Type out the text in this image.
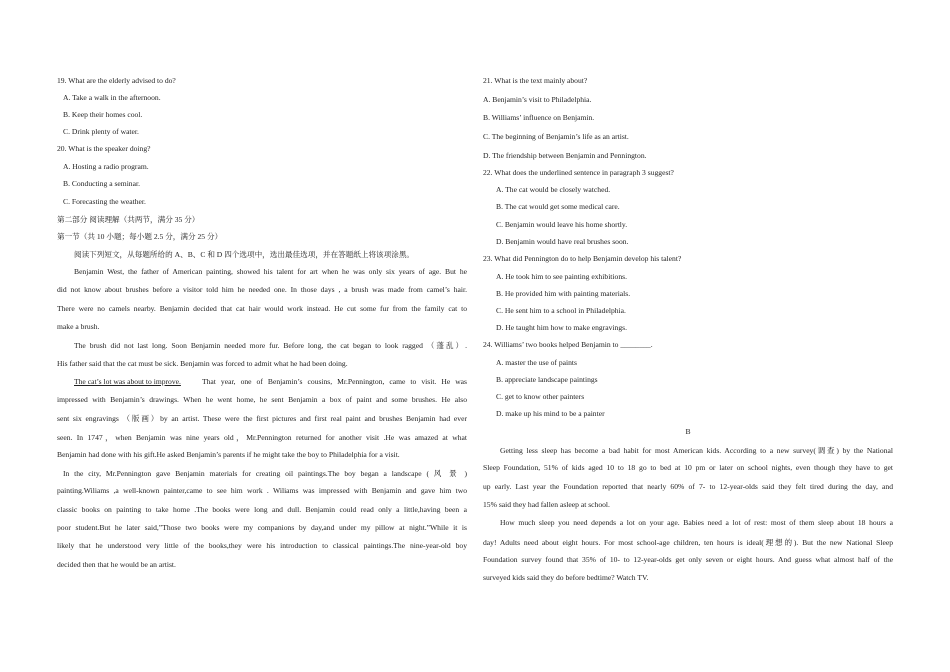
19. What are the elderly advised to do?
A. Take a walk in the afternoon.
B. Keep their homes cool.
C. Drink plenty of water.
20. What is the speaker doing?
A. Hosting a radio program.
B. Conducting a seminar.
C. Forecasting the weather.
第二部分 阅读理解（共两节，满分 35 分）
第一节（共 10 小题；每小题 2.5 分，满分 25 分）
阅读下列短文，从每题所给的 A、B、C 和 D 四个选项中，选出最佳选项，并在答题纸上将该项涂黑。
Benjamin West, the father of American painting, showed his talent for art when he was only six years of age. But he
did not know about brushes before a visitor told him he needed one. In those days , a brush was made from camel’s hair.
There were no camels nearby. Benjamin decided that cat hair would work instead. He cut some fur from the family cat to
make a brush.
The brush did not last long. Soon Benjamin needed more fur. Before long, the cat began to look ragged （蓬乱）.
His father said that the cat must be sick. Benjamin was forced to admit what he had been doing.
The cat’s lot was about to improve.	That year, one of Benjamin’s cousins, Mr.Pennington, came to visit. He was
impressed with Benjamin’s drawings. When he went home, he sent Benjamin a box of paint and some brushes. He also
sent six engravings （版画）by an artist. These were the first pictures and first real paint and brushes Benjamin had ever
seen. In 1747，when Benjamin was nine years old，Mr.Pennington returned for another visit .He was amazed at what
Benjamin had done with his gift.He asked Benjamin’s parents if he might take the boy to Philadelphia for a visit.
In the city, Mr.Pennington gave Benjamin materials for creating oil paintings.The boy began a landscape ( 风 景 )
painting.Wiliams ,a well-known painter,came to see him work . Wiliams was impressed with Benjamin and gave him two
classic books on painting to take home .The books were long and dull. Benjamin could read only a little,having been a
poor student.But he later said,”Those two books were my companions by day,and under my pillow at night.”While it is
likely that he understood very little of the books,they were his introduction to classical paintings.The nine-year-old boy
decided then that he would be an artist.
21. What is the text mainly about?
A. Benjamin’s visit to Philadelphia.
B. Williams’ influence on Benjamin.
C. The beginning of Benjamin’s life as an artist.
D. The friendship between Benjamin and Pennington.
22. What does the underlined sentence in paragraph 3 suggest?
A. The cat would be closely watched.
B. The cat would get some medical care.
C. Benjamin would leave his home shortly.
D. Benjamin would have real brushes soon.
23. What did Pennington do to help Benjamin develop his talent?
A. He took him to see painting exhibitions.
B. He provided him with painting materials.
C. He sent him to a school in Philadelphia.
D. He taught him how to make engravings.
24. Williams’ two books helped Benjamin to ________.
A. master the use of paints
B. appreciate landscape paintings
C. get to know other painters
D. make up his mind to be a painter
B
Getting less sleep has become a bad habit for most American kids. According to a new survey(调查) by the National
Sleep Foundation, 51% of kids aged 10 to 18 go to bed at 10 pm or later on school nights, even though they have to get
up early. Last year the Foundation reported that nearly 60% of 7- to 12-year-olds said they felt tired during the day, and
15% said they had fallen asleep at school.
How much sleep you need depends a lot on your age. Babies need a lot of rest: most of them sleep about 18 hours a
day! Adults need about eight hours. For most school-age children, ten hours is ideal(理想的). But the new National Sleep
Foundation survey found that 35% of 10- to 12-year-olds get only seven or eight hours. And guess what almost half of the
surveyed kids said they do before bedtime? Watch TV.
